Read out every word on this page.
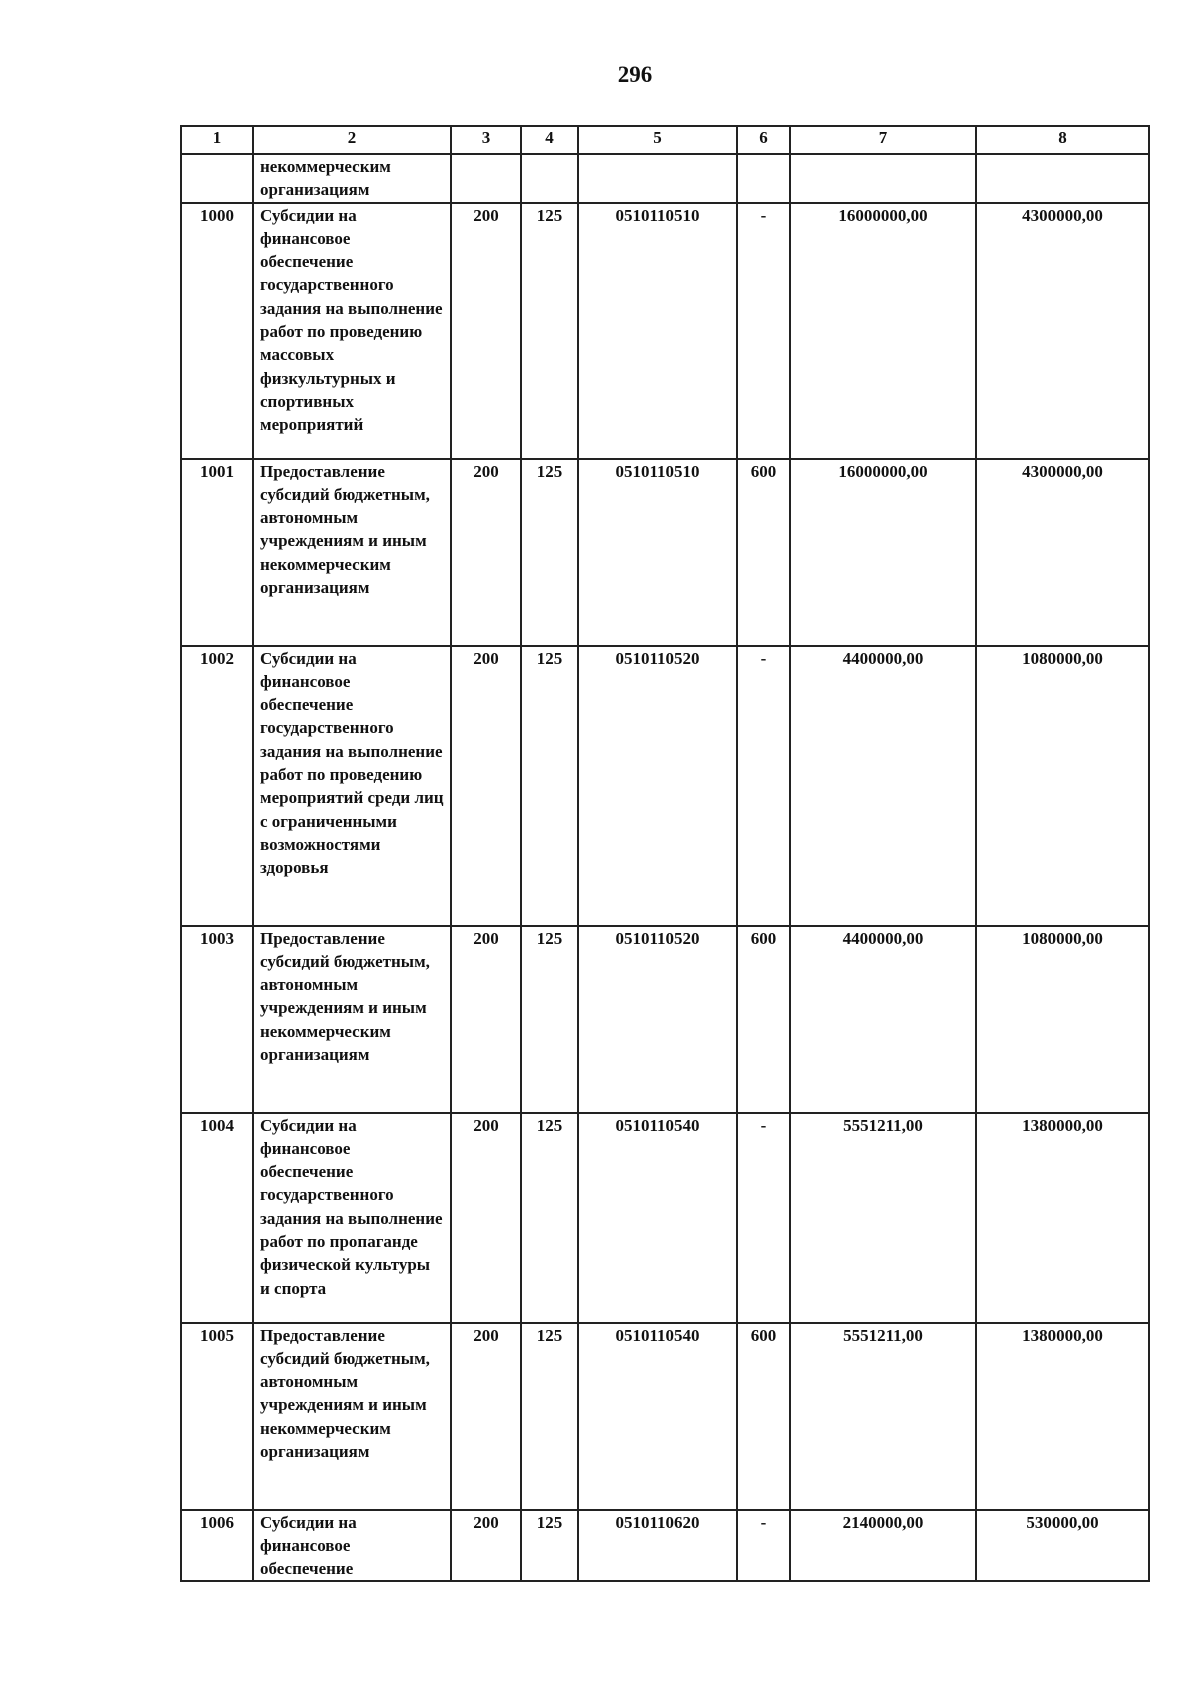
296
1	2	3	4	5	6	7	8
	некоммерческим организациям						
1000	Субсидии на финансовое обеспечение государственного задания на выполнение работ по проведению массовых физкультурных и спортивных мероприятий	200	125	0510110510	-	16000000,00	4300000,00
1001	Предоставление субсидий бюджетным, автономным учреждениям и иным некоммерческим организациям	200	125	0510110510	600	16000000,00	4300000,00
1002	Субсидии на финансовое обеспечение государственного задания на выполнение работ по проведению мероприятий среди лиц с ограниченными возможностями здоровья	200	125	0510110520	-	4400000,00	1080000,00
1003	Предоставление субсидий бюджетным, автономным учреждениям и иным некоммерческим организациям	200	125	0510110520	600	4400000,00	1080000,00
1004	Субсидии на финансовое обеспечение государственного задания на выполнение работ по пропаганде физической культуры и спорта	200	125	0510110540	-	5551211,00	1380000,00
1005	Предоставление субсидий бюджетным, автономным учреждениям и иным некоммерческим организациям	200	125	0510110540	600	5551211,00	1380000,00
1006	Субсидии на финансовое обеспечение	200	125	0510110620	-	2140000,00	530000,00
